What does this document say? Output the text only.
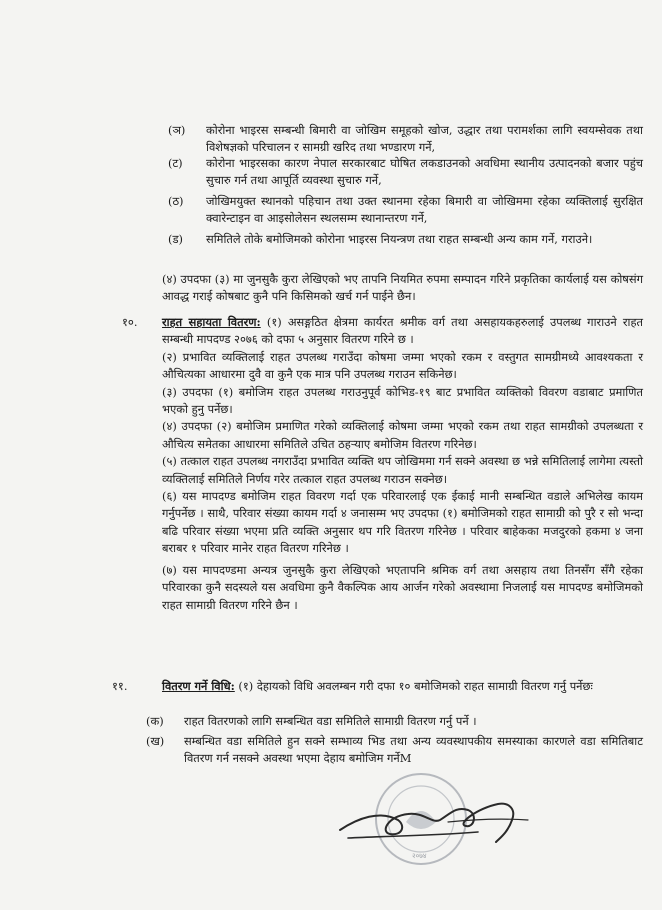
(ञ) कोरोना भाइरस सम्बन्धी बिमारी वा जोखिम समूहको खोज, उद्धार तथा परामर्शका लागि स्वयम्सेवक तथा विशेषज्ञको परिचालन र सामग्री खरिद तथा भण्डारण गर्ने,
(ट) कोरोना भाइरसका कारण नेपाल सरकारबाट घोषित लकडाउनको अवधिमा स्थानीय उत्पादनको बजार पहुंच सुचारु गर्न तथा आपूर्ति व्यवस्था सुचारु गर्ने,
(ठ) जोखिमयुक्त स्थानको पहिचान तथा उक्त स्थानमा रहेका बिमारी वा जोखिममा रहेका व्यक्तिलाई सुरक्षित क्वारेन्टाइन वा आइसोलेसन स्थलसम्म स्थानान्तरण गर्ने,
(ड) समितिले तोके बमोजिमको कोरोना भाइरस नियन्त्रण तथा राहत सम्बन्धी अन्य काम गर्ने, गराउने।

(४) उपदफा (३) मा जुनसुकै कुरा लेखिएको भए तापनि नियमित रुपमा सम्पादन गरिने प्रकृतिका कार्यलाई यस कोषसंग आवद्ध गराई कोषबाट कुनै पनि किसिमको खर्च गर्न पाईने छैन।

१०. राहत सहायता वितरण: (१) असङ्गठित क्षेत्रमा कार्यरत श्रमीक वर्ग तथा असहायकहरुलाई उपलब्ध गाराउने राहत सम्बन्धी मापदण्ड २०७६ को दफा ५ अनुसार वितरण गरिने छ ।

(२) प्रभावित व्यक्तिलाई राहत उपलब्ध गराउँदा कोषमा जम्मा भएको रकम र वस्तुगत सामग्रीमध्ये आवश्यकता र औचित्यका आधारमा दुवै वा कुनै एक मात्र पनि उपलब्ध गराउन सकिनेछ।

(३) उपदफा (१) बमोजिम राहत उपलब्ध गराउनुपूर्व कोभिड-१९ बाट प्रभावित व्यक्तिको विवरण वडाबाट प्रमाणित भएको हुनु पर्नेछ।

(४) उपदफा (२) बमोजिम प्रमाणित गरेको व्यक्तिलाई कोषमा जम्मा भएको रकम तथा राहत सामग्रीको उपलब्धता र औचित्य समेतका आधारमा समितिले उचित ठहऱ्याए बमोजिम वितरण गरिनेछ।

(५) तत्काल राहत उपलब्ध नगराउँदा प्रभावित व्यक्ति थप जोखिममा गर्न सक्ने अवस्था छ भन्ने समितिलाई लागेमा त्यस्तो व्यक्तिलाई समितिले निर्णय गरेर तत्काल राहत उपलब्ध गराउन सक्नेछ।

(६) यस मापदण्ड बमोजिम राहत विवरण गर्दा एक परिवारलाई एक ईकाई मानी सम्बन्धित वडाले अभिलेख कायम गर्नुपर्नेछ । साथै, परिवार संख्या कायम गर्दा ४ जनासम्म भए उपदफा (१) बमोजिमको राहत सामाग्री को पुरै र सो भन्दा बढि परिवार संख्या भएमा प्रति व्यक्ति अनुसार थप गरि वितरण गरिनेछ । परिवार बाहेकका मजदुरको हकमा ४ जना बराबर १ परिवार मानेर राहत वितरण गरिनेछ ।

(७) यस मापदण्डमा अन्यत्र जुनसुकै कुरा लेखिएको भएतापनि श्रमिक वर्ग तथा असहाय तथा तिनसँग सँगै रहेका परिवारका कुनै सदस्यले यस अवधिमा कुनै वैकल्पिक आय आर्जन गरेको अवस्थामा निजलाई यस मापदण्ड बमोजिमको राहत सामाग्री वितरण गरिने छैन ।

११.	वितरण गर्ने विधि: (१) देहायको विधि अवलम्बन गरी दफा १० बमोजिमको राहत सामाग्री वितरण गर्नु पर्नेछः

(क) राहत वितरणको लागि सम्बन्धित वडा समितिले सामाग्री वितरण गर्नु पर्ने ।
(ख) सम्बन्धित वडा समितिले हुन सक्ने सम्भाव्य भिड तथा अन्य व्यवस्थापकीय समस्याका कारणले वडा समितिबाट वितरण गर्न नसक्ने अवस्था भएमा देहाय बमोजिम गर्नेM
२०७४
